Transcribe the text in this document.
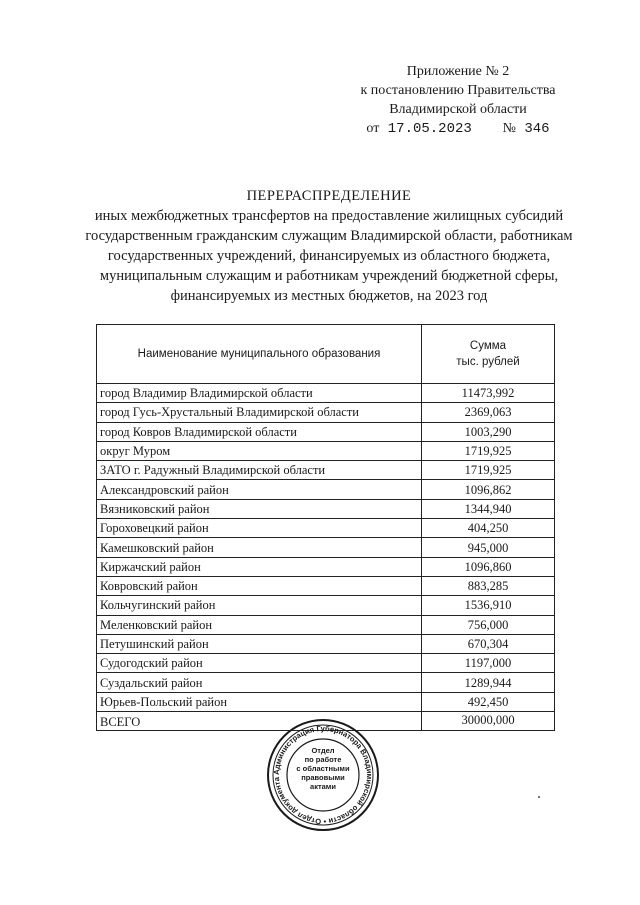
Приложение № 2
к постановлению Правительства
Владимирской области
от 17.05.2023 № 346
ПЕРЕРАСПРЕДЕЛЕНИЕ
иных межбюджетных трансфертов на предоставление жилищных субсидий
государственным гражданским служащим Владимирской области, работникам
государственных учреждений, финансируемых из областного бюджета,
муниципальным служащим и работникам учреждений бюджетной сферы,
финансируемых из местных бюджетов, на 2023 год
Наименование муниципального образования	Сумма
тыс. рублей

город Владимир Владимирской области	11473,992
город Гусь-Хрустальный Владимирской области	2369,063
город Ковров Владимирской области	1003,290
округ Муром	1719,925
ЗАТО г. Радужный Владимирской области	1719,925
Александровский район	1096,862
Вязниковский район	1344,940
Гороховецкий район	404,250
Камешковский район	945,000
Киржачский район	1096,860
Ковровский район	883,285
Кольчугинский район	1536,910
Меленковский район	756,000
Петушинский район	670,304
Судогодский район	1197,000
Суздальский район	1289,944
Юрьев-Польский район	492,450
ВСЕГО	30000,000
Администрация Губернатора Владимирской области • Отдел документа
Отдел
по работе
с областными
правовыми
актами
